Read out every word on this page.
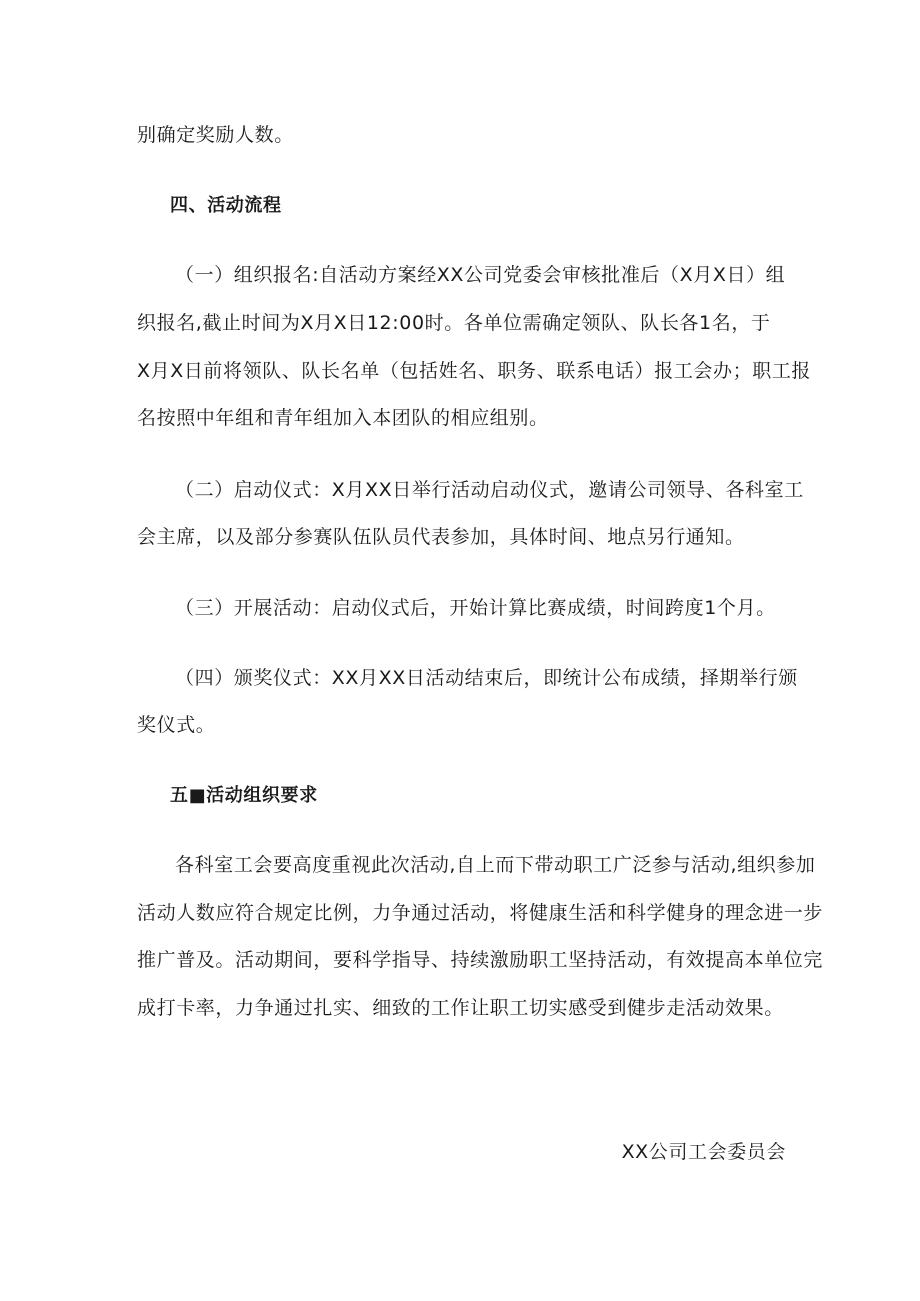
别确定奖励人数。
四、活动流程
（一）组织报名:自活动方案经XX公司党委会审核批准后（X月X日）组
织报名,截止时间为X月X日12:00时。各单位需确定领队、队长各1名，于
X月X日前将领队、队长名单（包括姓名、职务、联系电话）报工会办；职工报
名按照中年组和青年组加入本团队的相应组别。
（二）启动仪式：X月XX日举行活动启动仪式，邀请公司领导、各科室工
会主席，以及部分参赛队伍队员代表参加，具体时间、地点另行通知。
（三）开展活动：启动仪式后，开始计算比赛成绩，时间跨度1个月。
（四）颁奖仪式：XX月XX日活动结束后，即统计公布成绩，择期举行颁
奖仪式。
五■活动组织要求
各科室工会要高度重视此次活动,自上而下带动职工广泛参与活动,组织参加
活动人数应符合规定比例，力争通过活动，将健康生活和科学健身的理念进一步
推广普及。活动期间，要科学指导、持续激励职工坚持活动，有效提高本单位完
成打卡率，力争通过扎实、细致的工作让职工切实感受到健步走活动效果。
XX公司工会委员会
